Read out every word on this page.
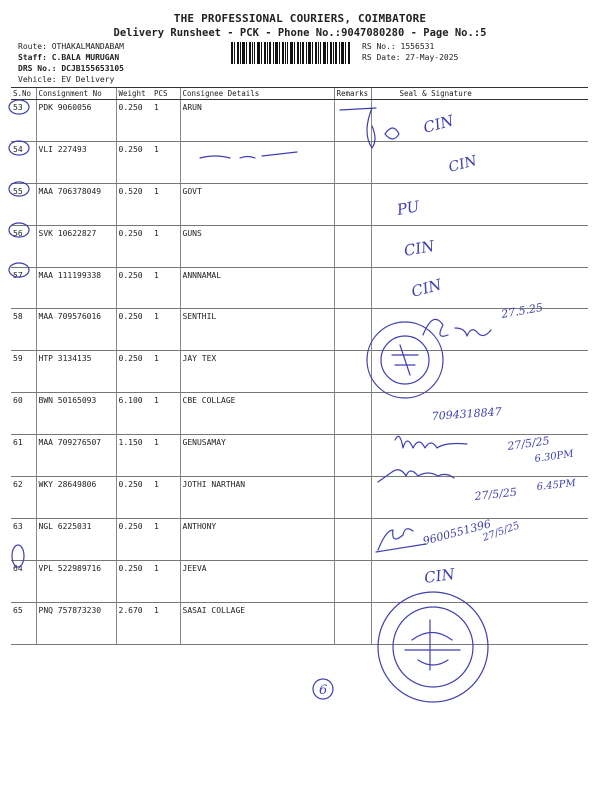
THE PROFESSIONAL COURIERS, COIMBATORE
Delivery Runsheet - PCK - Phone No.:9047080280 - Page No.:5
Route: OTHAKALMANDABAM
Staff: C.BALA MURUGAN
DRS No.: DCJB155653105
Vehicle: EV Delivery
RS No.: 1556531
RS Date: 27-May-2025
S.No	Consignment No	Weight	PCS	Consignee Details	Remarks	Seal & Signature
53	PDK 9060056	0.250	1	ARUN		
54	VLI 227493	0.250	1			
55	MAA 706378049	0.520	1	GOVT		
56	SVK 10622827	0.250	1	GUNS		
57	MAA 111199338	0.250	1	ANNNAMAL		
58	MAA 709576016	0.250	1	SENTHIL		
59	HTP 3134135	0.250	1	JAY TEX		
60	BWN 50165093	6.100	1	CBE COLLAGE		
61	MAA 709276507	1.150	1	GENUSAMAY		
62	WKY 28649806	0.250	1	JOTHI NARTHAN		
63	NGL 6225031	0.250	1	ANTHONY		
64	VPL 522989716	0.250	1	JEEVA		
65	PNQ 757873230	2.670	1	SASAI COLLAGE		
CIN
CIN
PU
CIN
CIN
27.5.25
7094318847
27/5/25
6.30PM
27/5/25
6.45PM
9600551396
27/5/25
CIN
6
